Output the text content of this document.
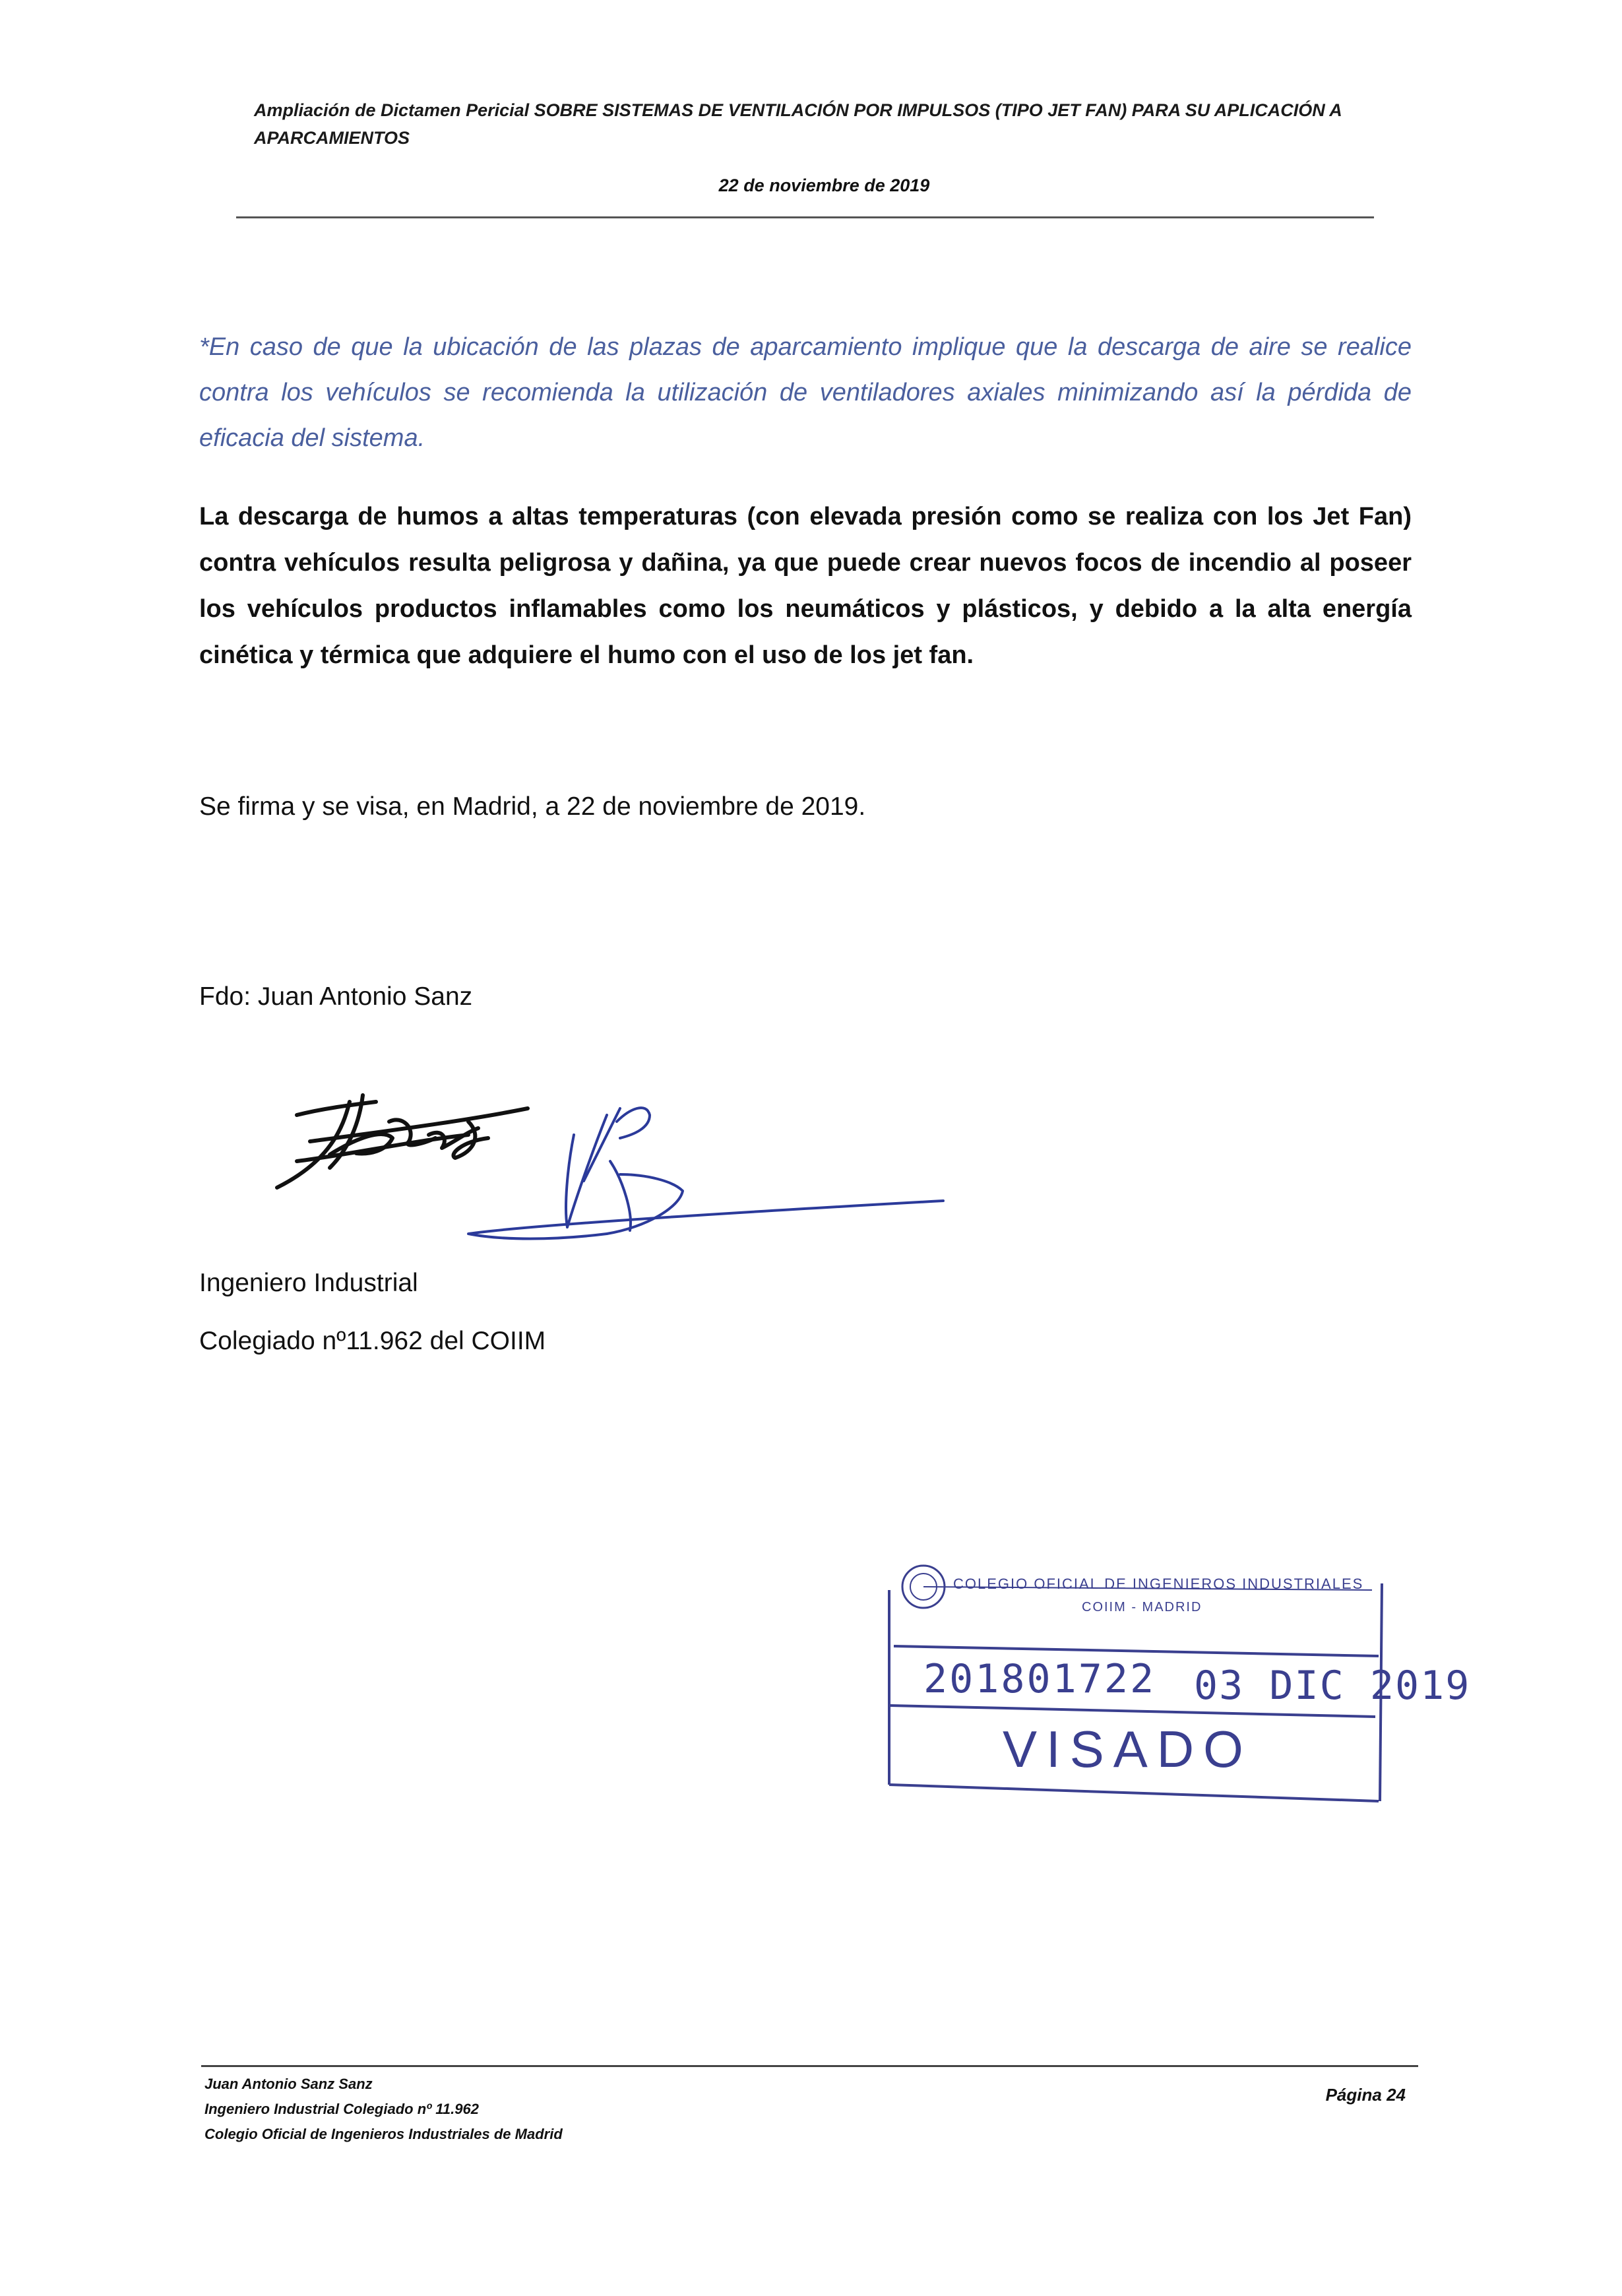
Ampliación de Dictamen Pericial SOBRE SISTEMAS DE VENTILACIÓN POR IMPULSOS (TIPO JET FAN) PARA SU APLICACIÓN A APARCAMIENTOS
22 de noviembre de 2019
*En caso de que la ubicación de las plazas de aparcamiento implique que la descarga de aire se realice contra los vehículos se recomienda la utilización de ventiladores axiales minimizando así la pérdida de eficacia del sistema.
La descarga de humos a altas temperaturas (con elevada presión como se realiza con los Jet Fan) contra vehículos resulta peligrosa y dañina, ya que puede crear nuevos focos de incendio al poseer los vehículos productos inflamables como los neumáticos y plásticos, y debido a la alta energía cinética y térmica que adquiere el humo con el uso de los jet fan.
Se firma y se visa, en Madrid, a 22 de noviembre de 2019.
Fdo: Juan Antonio Sanz
Ingeniero Industrial
Colegiado nº11.962 del COIIM
COLEGIO OFICIAL DE INGENIEROS INDUSTRIALES
COIIM - MADRID
201801722 03 DIC 2019
VISADO
Juan Antonio Sanz Sanz
Ingeniero Industrial Colegiado nº 11.962
Colegio Oficial de Ingenieros Industriales de Madrid
Página 24
